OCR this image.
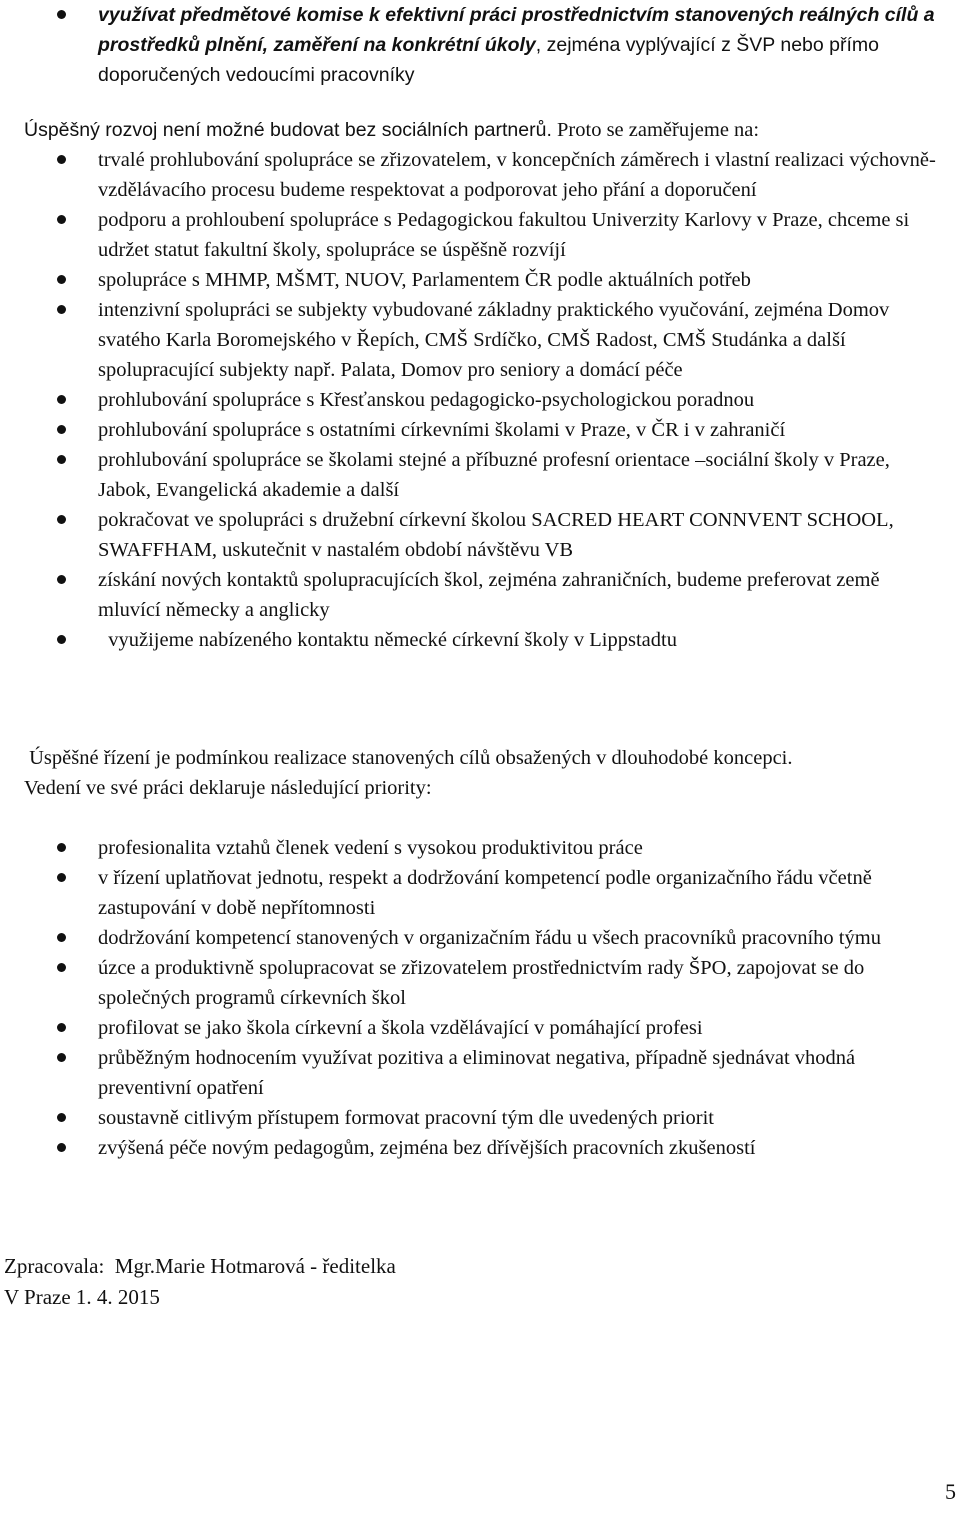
využívat předmětové komise k efektivní práci prostřednictvím stanovených reálných cílů a prostředků plnění, zaměření na konkrétní úkoly, zejména vyplývající z ŠVP nebo přímo doporučených vedoucími pracovníky
Úspěšný rozvoj není možné budovat bez sociálních partnerů. Proto se zaměřujeme na:
trvalé prohlubování spolupráce se zřizovatelem, v koncepčních záměrech i vlastní realizaci výchovně-vzdělávacího procesu budeme respektovat a podporovat jeho přání a doporučení
podporu a prohloubení spolupráce s Pedagogickou fakultou Univerzity Karlovy v Praze, chceme si udržet statut fakultní školy, spolupráce se úspěšně rozvíjí
spolupráce s MHMP, MŠMT, NUOV, Parlamentem ČR podle aktuálních potřeb
intenzivní spolupráci se subjekty vybudované základny praktického vyučování, zejména Domov svatého Karla Boromejského v Řepích, CMŠ Srdíčko, CMŠ Radost, CMŠ Studánka a další spolupracující subjekty např. Palata, Domov pro seniory a domácí péče
prohlubování spolupráce s Křesťanskou pedagogicko-psychologickou poradnou
prohlubování spolupráce s ostatními církevními školami v Praze, v ČR i v zahraničí
prohlubování spolupráce se školami stejné a příbuzné profesní orientace –sociální školy v Praze, Jabok, Evangelická akademie a další
pokračovat ve spolupráci s družební církevní školou SACRED HEART CONNVENT SCHOOL, SWAFFHAM, uskutečnit v nastalém období návštěvu VB
získání nových kontaktů spolupracujících škol, zejména zahraničních, budeme preferovat země mluvící německy a anglicky
využijeme nabízeného kontaktu německé církevní školy v Lippstadtu
Úspěšné řízení je podmínkou realizace stanovených cílů obsažených v dlouhodobé koncepci.
Vedení ve své práci deklaruje následující priority:
profesionalita vztahů členek vedení s vysokou produktivitou práce
v řízení uplatňovat jednotu, respekt a dodržování kompetencí podle organizačního řádu včetně zastupování v době nepřítomnosti
dodržování kompetencí stanovených v organizačním řádu u všech pracovníků pracovního týmu
úzce a produktivně spolupracovat se zřizovatelem prostřednictvím rady ŠPO, zapojovat se do společných programů církevních škol
profilovat se jako škola církevní a škola vzdělávající v pomáhající profesi
průběžným hodnocením využívat pozitiva a eliminovat negativa, případně sjednávat vhodná preventivní opatření
soustavně citlivým přístupem formovat pracovní tým dle uvedených priorit
zvýšená péče novým pedagogům, zejména bez dřívějších pracovních zkušeností
Zpracovala:  Mgr.Marie Hotmarová - ředitelka
V Praze 1. 4. 2015
5
